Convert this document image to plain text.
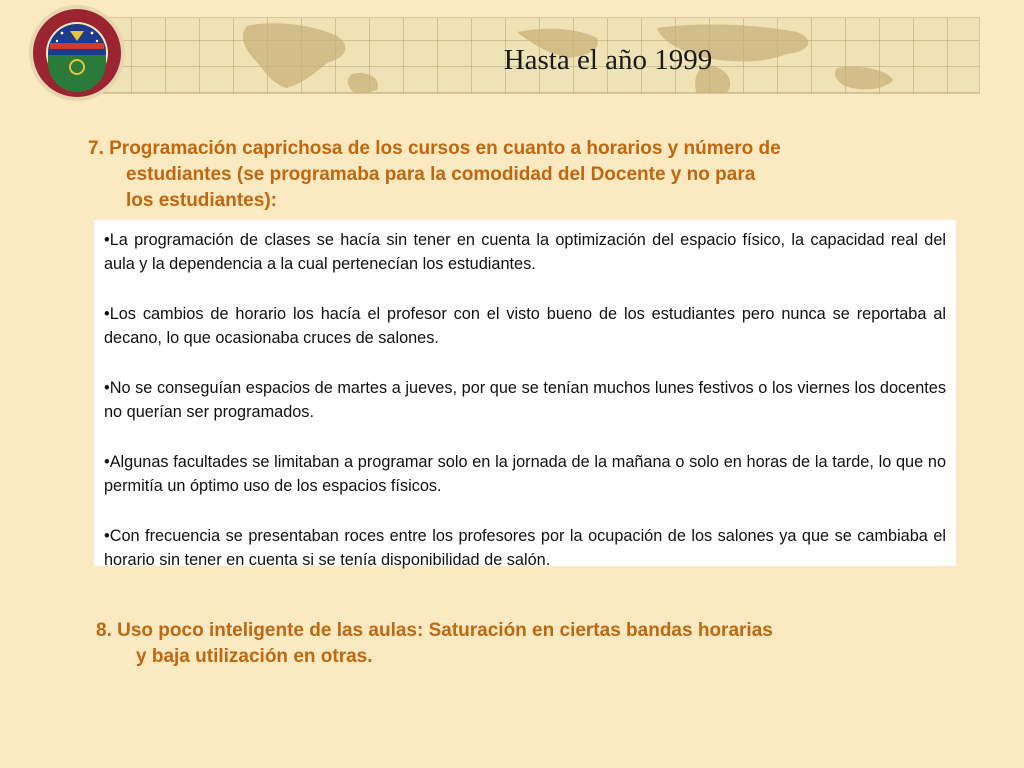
Hasta el año 1999
7. Programación caprichosa de los cursos en cuanto a horarios y número de
estudiantes (se programaba para la comodidad del Docente y no para
los estudiantes):

•La programación de clases se hacía sin tener en cuenta la optimización del espacio físico, la capacidad real del aula y la dependencia a la cual pertenecían los estudiantes.

•Los cambios de horario los hacía el profesor con el visto bueno de los estudiantes pero nunca se reportaba al decano, lo que ocasionaba cruces de salones.

•No se conseguían espacios de martes a jueves, por que se tenían muchos lunes festivos o los viernes los docentes no querían ser programados.

•Algunas facultades se limitaban a programar solo en la jornada de la mañana o solo en horas de la tarde, lo que no permitía un óptimo uso de los espacios físicos.

•Con frecuencia se presentaban roces entre los profesores por la ocupación de los salones ya que se cambiaba el horario sin tener en cuenta si se tenía disponibilidad de salón.

8. Uso poco inteligente de las aulas: Saturación en ciertas bandas horarias
y baja utilización en otras.
